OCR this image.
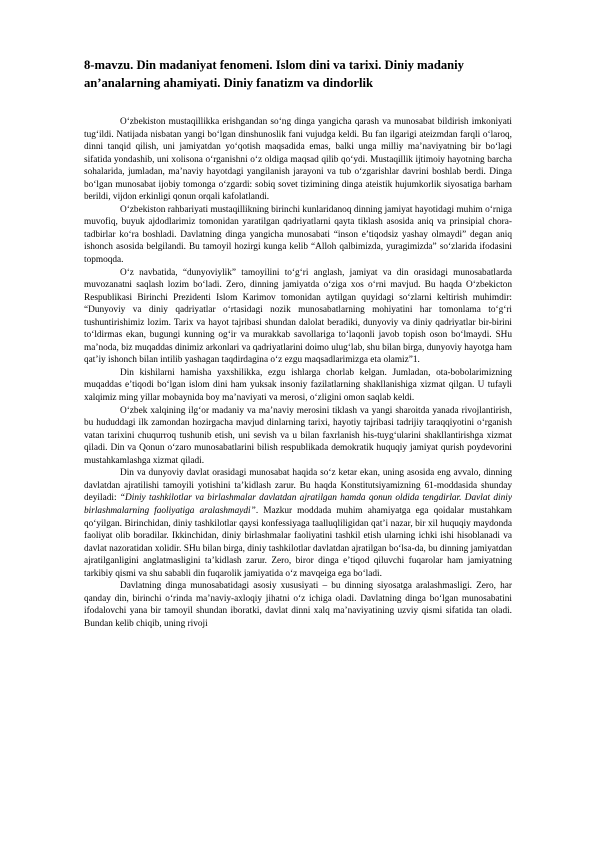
8-mavzu. Din madaniyat fenomeni. Islom dini va tarixi. Diniy madaniy an’analarning ahamiyati. Diniy fanatizm va dindorlik

O‘zbekiston mustaqillikka erishgandan so‘ng dinga yangicha qarash va munosabat bildirish imkoniyati tug‘ildi. Natijada nisbatan yangi bo‘lgan dinshunoslik fani vujudga keldi. Bu fan ilgarigi ateizmdan farqli o‘laroq, dinni tanqid qilish, uni jamiyatdan yo‘qotish maqsadida emas, balki unga milliy ma’naviyatning bir bo‘lagi sifatida yondashib, uni xolisona o‘rganishni o‘z oldiga maqsad qilib qo‘ydi. Mustaqillik ijtimoiy hayotning barcha sohalarida, jumladan, ma’naviy hayotdagi yangilanish jarayoni va tub o‘zgarishlar davrini boshlab berdi. Dinga bo‘lgan munosabat ijobiy tomonga o‘zgardi: sobiq sovet tizimining dinga ateistik hujumkorlik siyosatiga barham berildi, vijdon erkinligi qonun orqali kafolatlandi.

O‘zbekiston rahbariyati mustaqillikning birinchi kunlaridanoq dinning jamiyat hayotidagi muhim o‘rniga muvofiq, buyuk ajdodlarimiz tomonidan yaratilgan qadriyatlarni qayta tiklash asosida aniq va prinsipial chora-tadbirlar ko‘ra boshladi. Davlatning dinga yangicha munosabati “inson e’tiqodsiz yashay olmaydi” degan aniq ishonch asosida belgilandi. Bu tamoyil hozirgi kunga kelib “Alloh qalbimizda, yuragimizda” so‘zlarida ifodasini topmoqda.

O‘z navbatida, “dunyoviylik” tamoyilini to‘g‘ri anglash, jamiyat va din orasidagi munosabatlarda muvozanatni saqlash lozim bo‘ladi. Zero, dinning jamiyatda o‘ziga xos o‘rni mavjud. Bu haqda O‘zbekicton Respublikasi Birinchi Prezidenti Islom Karimov tomonidan aytilgan quyidagi so‘zlarni keltirish muhimdir: “Dunyoviy va diniy qadriyatlar o‘rtasidagi nozik munosabatlarning mohiyatini har tomonlama to‘g‘ri tushuntirishimiz lozim. Tarix va hayot tajribasi shundan dalolat beradiki, dunyoviy va diniy qadriyatlar bir-birini to‘ldirmas ekan, bugungi kunning og‘ir va murakkab savollariga to‘laqonli javob topish oson bo‘lmaydi. SHu ma’noda, biz muqaddas dinimiz arkonlari va qadriyatlarini doimo ulug‘lab, shu bilan birga, dunyoviy hayotga ham qat’iy ishonch bilan intilib yashagan taqdirdagina o‘z ezgu maqsadlarimizga eta olamiz”1.

Din kishilarni hamisha yaxshilikka, ezgu ishlarga chorlab kelgan. Jumladan, ota-bobolarimizning muqaddas e’tiqodi bo‘lgan islom dini ham yuksak insoniy fazilatlarning shakllanishiga xizmat qilgan. U tufayli xalqimiz ming yillar mobaynida boy ma’naviyati va merosi, o‘zligini omon saqlab keldi.

O‘zbek xalqining ilg‘or madaniy va ma’naviy merosini tiklash va yangi sharoitda yanada rivojlantirish, bu hududdagi ilk zamondan hozirgacha mavjud dinlarning tarixi, hayotiy tajribasi tadrijiy taraqqiyotini o‘rganish vatan tarixini chuqurroq tushunib etish, uni sevish va u bilan faxrlanish his-tuyg‘ularini shakllantirishga xizmat qiladi. Din va Qonun o‘zaro munosabatlarini bilish respublikada demokratik huquqiy jamiyat qurish poydevorini mustahkamlashga xizmat qiladi.

Din va dunyoviy davlat orasidagi munosabat haqida so‘z ketar ekan, uning asosida eng avvalo, dinning davlatdan ajratilishi tamoyili yotishini ta’kidlash zarur. Bu haqda Konstitutsiyamizning 61-moddasida shunday deyiladi: “Diniy tashkilotlar va birlashmalar davlatdan ajratilgan hamda qonun oldida tengdirlar. Davlat diniy birlashmalarning faoliyatiga aralashmaydi”. Mazkur moddada muhim ahamiyatga ega qoidalar mustahkam qo‘yilgan. Birinchidan, diniy tashkilotlar qaysi konfessiyaga taalluqliligidan qat’i nazar, bir xil huquqiy maydonda faoliyat olib boradilar. Ikkinchidan, diniy birlashmalar faoliyatini tashkil etish ularning ichki ishi hisoblanadi va davlat nazoratidan xolidir. SHu bilan birga, diniy tashkilotlar davlatdan ajratilgan bo‘lsa-da, bu dinning jamiyatdan ajratilganligini anglatmasligini ta’kidlash zarur. Zero, biror dinga e’tiqod qiluvchi fuqarolar ham jamiyatning tarkibiy qismi va shu sababli din fuqarolik jamiyatida o‘z mavqeiga ega bo‘ladi.

Davlatning dinga munosabatidagi asosiy xususiyati – bu dinning siyosatga aralashmasligi. Zero, har qanday din, birinchi o‘rinda ma’naviy-axloqiy jihatni o‘z ichiga oladi. Davlatning dinga bo‘lgan munosabatini ifodalovchi yana bir tamoyil shundan iboratki, davlat dinni xalq ma’naviyatining uzviy qismi sifatida tan oladi. Bundan kelib chiqib, uning rivoji
